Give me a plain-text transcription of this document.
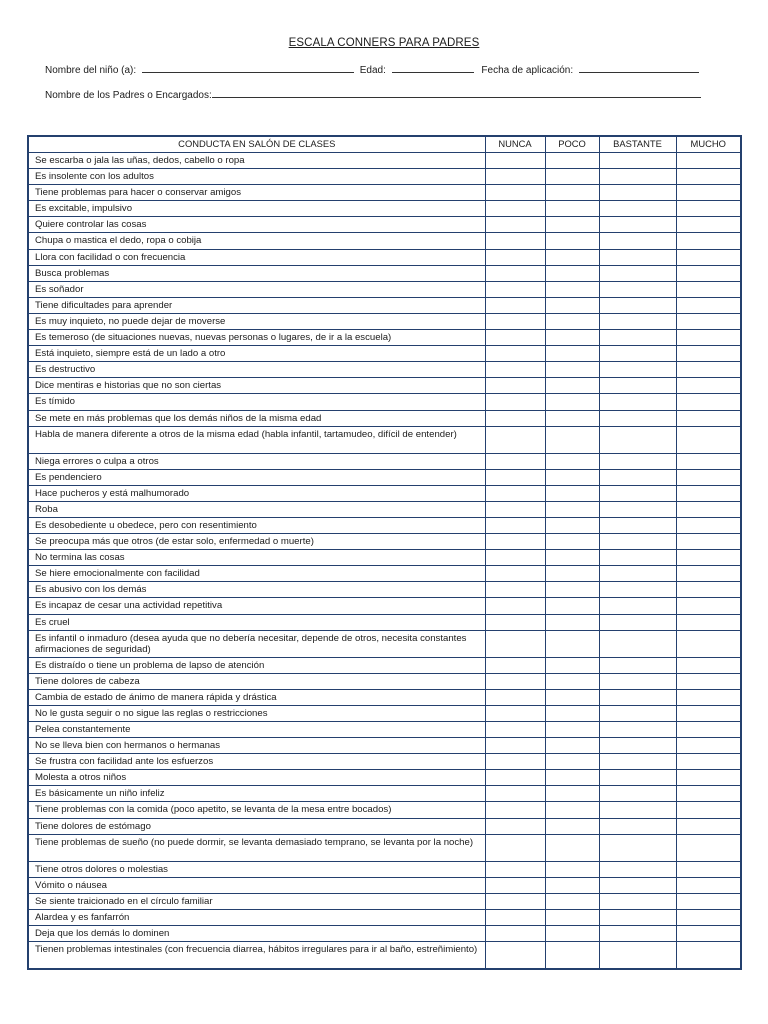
ESCALA CONNERS PARA PADRES
Nombre del niño (a):	Edad:	Fecha de aplicación:
Nombre de los Padres o Encargados:
CONDUCTA EN SALÓN DE CLASES	NUNCA	POCO	BASTANTE	MUCHO
Se escarba o jala las uñas, dedos, cabello o ropa				
Es insolente con los adultos				
Tiene problemas para hacer o conservar amigos				
Es excitable, impulsivo				
Quiere controlar las cosas				
Chupa o mastica el dedo, ropa o cobija				
Llora con facilidad o con frecuencia				
Busca problemas				
Es soñador				
Tiene dificultades para aprender				
Es muy inquieto, no puede dejar de moverse				
Es temeroso (de situaciones nuevas, nuevas personas o lugares, de ir a la escuela)				
Está inquieto, siempre está de un lado a otro				
Es destructivo				
Dice mentiras e historias que no son ciertas				
Es tímido				
Se mete en más problemas que los demás niños de la misma edad				
Habla de manera diferente a otros de la misma edad (habla infantil, tartamudeo, difícil de entender)				
Niega errores o culpa a otros				
Es pendenciero				
Hace pucheros y está malhumorado				
Roba				
Es desobediente u obedece, pero con resentimiento				
Se preocupa más que otros (de estar solo, enfermedad o muerte)				
No termina las cosas				
Se hiere emocionalmente con facilidad				
Es abusivo con los demás				
Es incapaz de cesar una actividad repetitiva				
Es cruel				
Es infantil o inmaduro (desea ayuda que no debería necesitar, depende de otros, necesita constantes afirmaciones de seguridad)				
Es distraído o tiene un problema de lapso de atención				
Tiene dolores de cabeza				
Cambia de estado de ánimo de manera rápida y drástica				
No le gusta seguir o no sigue las reglas o restricciones				
Pelea constantemente				
No se lleva bien con hermanos o hermanas				
Se frustra con facilidad ante los esfuerzos				
Molesta a otros niños				
Es básicamente un niño infeliz				
Tiene problemas con la comida (poco apetito, se levanta de la mesa entre bocados)				
Tiene dolores de estómago				
Tiene problemas de sueño (no puede dormir, se levanta demasiado temprano, se levanta por la noche)				
Tiene otros dolores o molestias				
Vómito o náusea				
Se siente traicionado en el círculo familiar				
Alardea y es fanfarrón				
Deja que los demás lo dominen				
Tienen problemas intestinales (con frecuencia diarrea, hábitos irregulares para ir al baño, estreñimiento)				
